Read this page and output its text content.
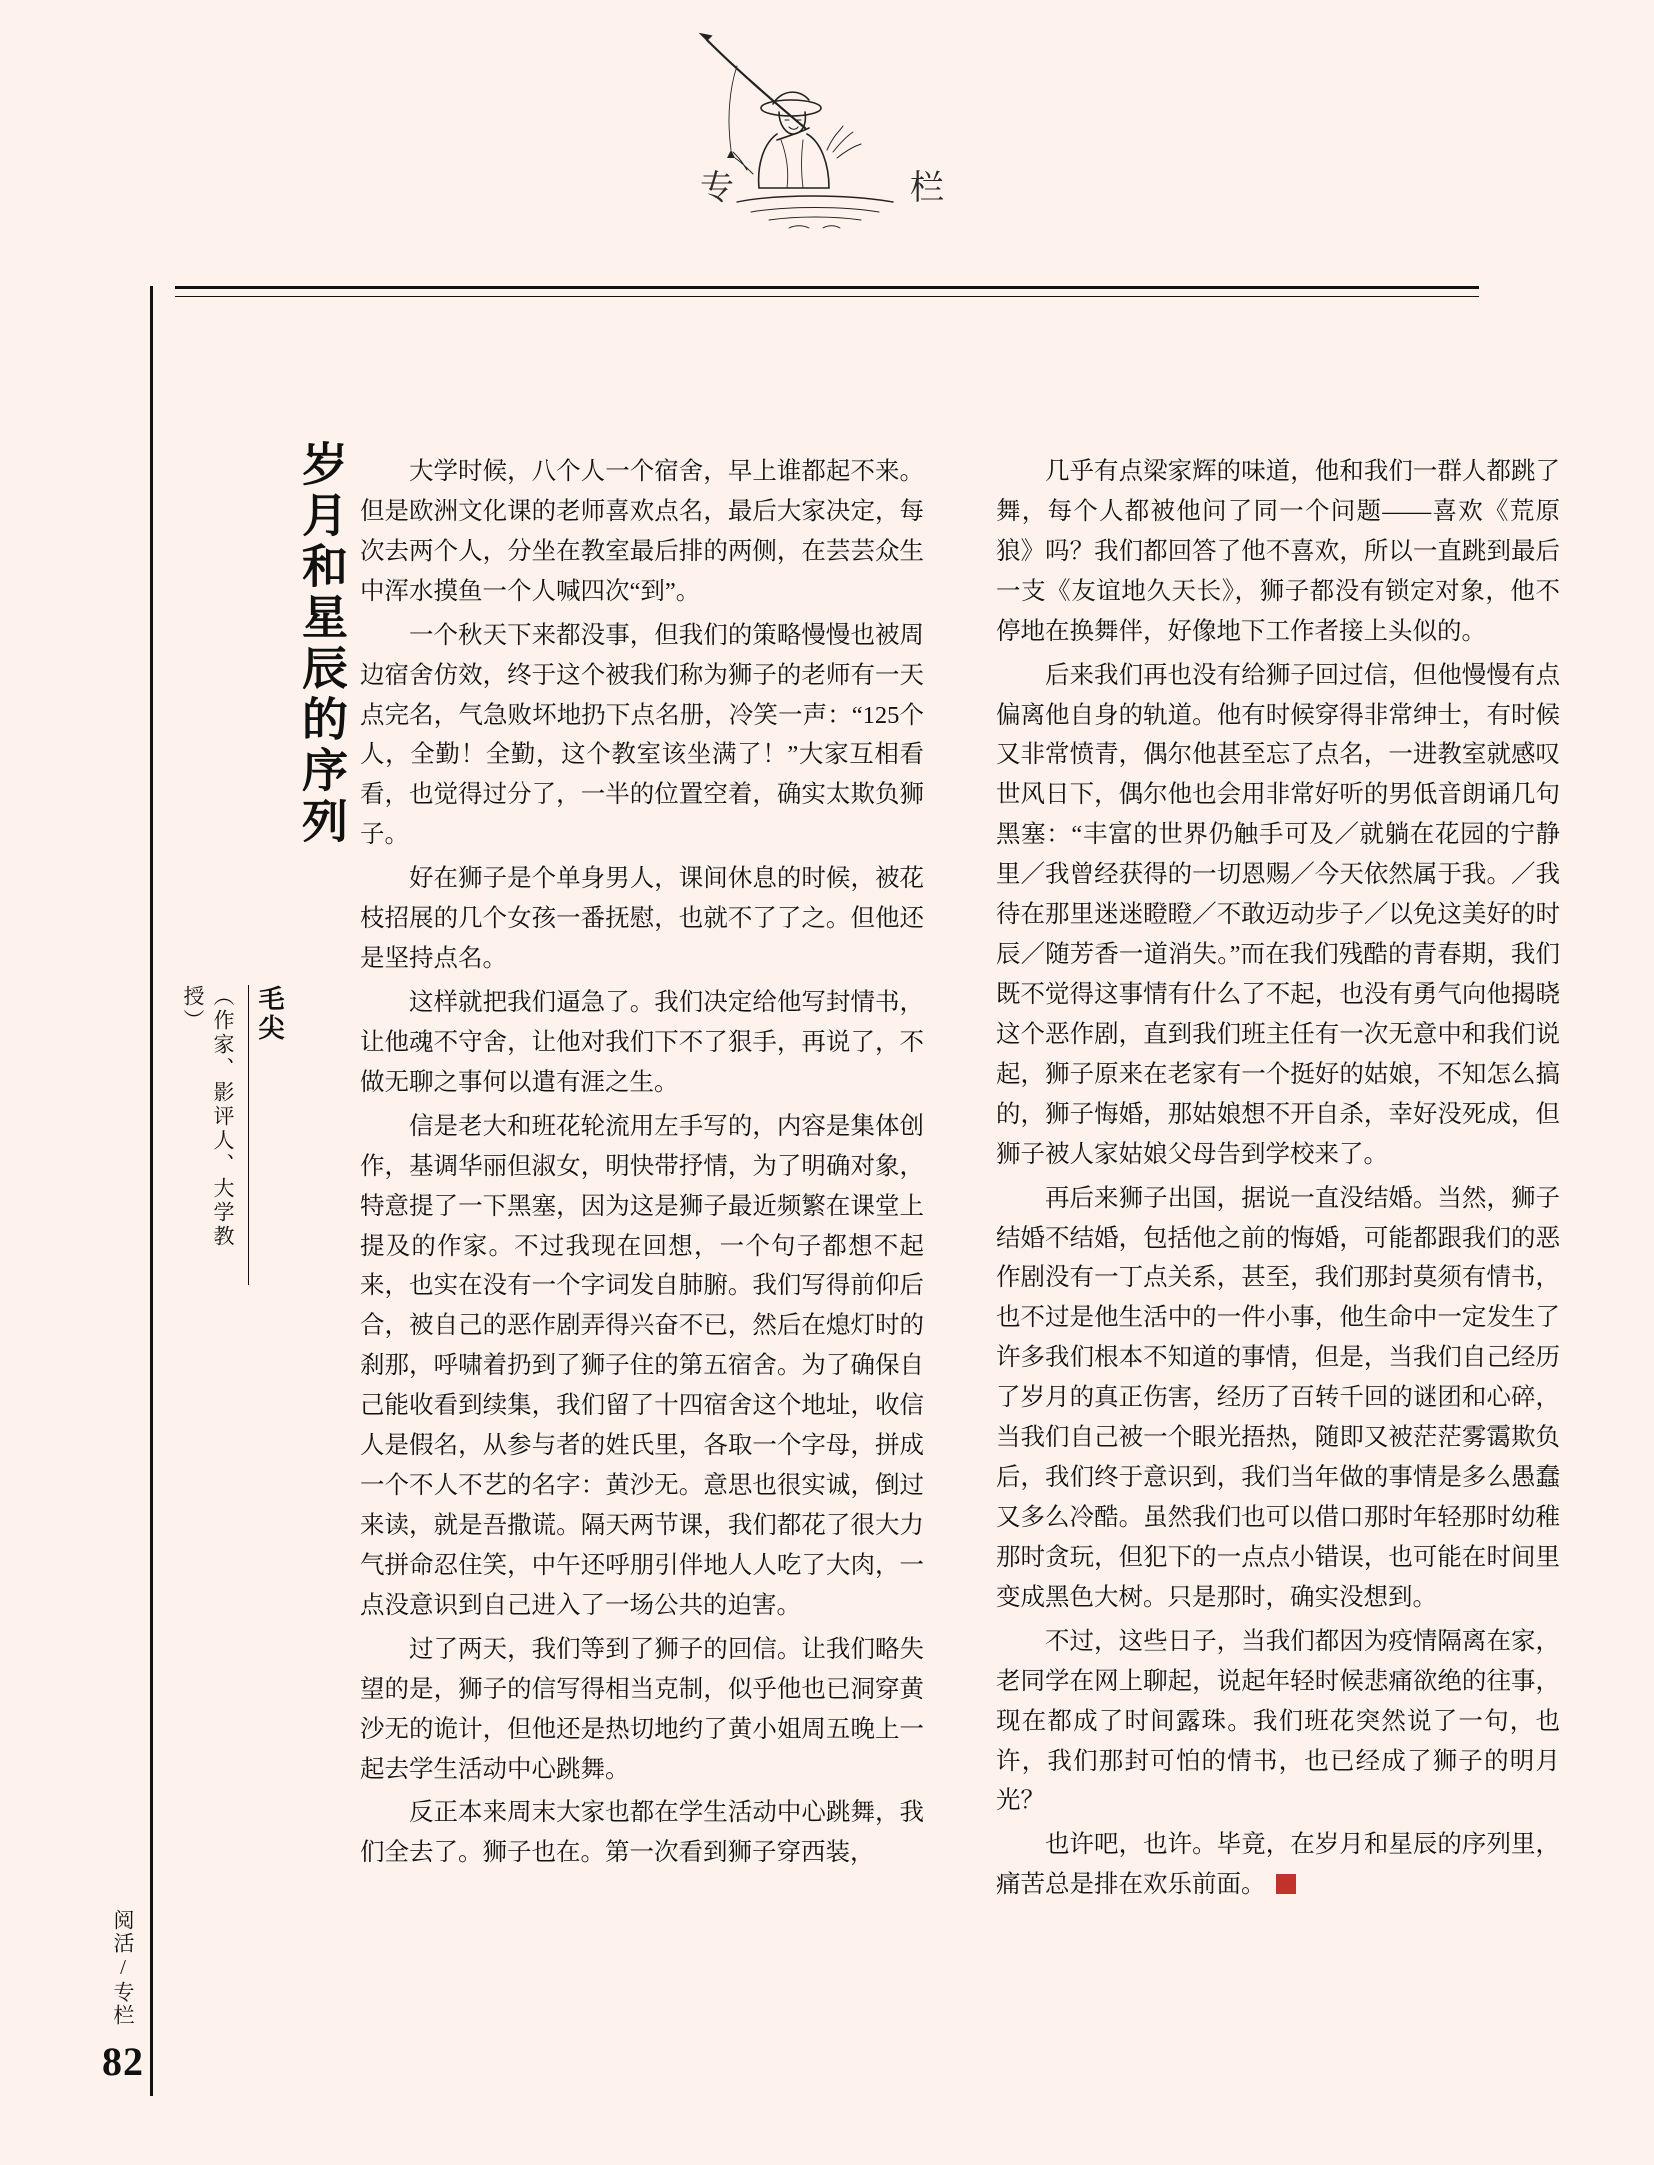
专	栏
岁月和星辰的序列
毛尖
（作家、影评人、大学教授）
阅活/专栏
82

大学时候，八个人一个宿舍，早上谁都起不来。但是欧洲文化课的老师喜欢点名，最后大家决定，每次去两个人，分坐在教室最后排的两侧，在芸芸众生中浑水摸鱼一个人喊四次“到”。

一个秋天下来都没事，但我们的策略慢慢也被周边宿舍仿效，终于这个被我们称为狮子的老师有一天点完名，气急败坏地扔下点名册，冷笑一声：“125个人，全勤！全勤，这个教室该坐满了！”大家互相看看，也觉得过分了，一半的位置空着，确实太欺负狮子。

好在狮子是个单身男人，课间休息的时候，被花枝招展的几个女孩一番抚慰，也就不了了之。但他还是坚持点名。

这样就把我们逼急了。我们决定给他写封情书，让他魂不守舍，让他对我们下不了狠手，再说了，不做无聊之事何以遣有涯之生。

信是老大和班花轮流用左手写的，内容是集体创作，基调华丽但淑女，明快带抒情，为了明确对象，特意提了一下黑塞，因为这是狮子最近频繁在课堂上提及的作家。不过我现在回想，一个句子都想不起来，也实在没有一个字词发自肺腑。我们写得前仰后合，被自己的恶作剧弄得兴奋不已，然后在熄灯时的刹那，呼啸着扔到了狮子住的第五宿舍。为了确保自己能收看到续集，我们留了十四宿舍这个地址，收信人是假名，从参与者的姓氏里，各取一个字母，拼成一个不人不艺的名字：黄沙无。意思也很实诚，倒过来读，就是吾撒谎。隔天两节课，我们都花了很大力气拼命忍住笑，中午还呼朋引伴地人人吃了大肉，一点没意识到自己进入了一场公共的迫害。

过了两天，我们等到了狮子的回信。让我们略失望的是，狮子的信写得相当克制，似乎他也已洞穿黄沙无的诡计，但他还是热切地约了黄小姐周五晚上一起去学生活动中心跳舞。

反正本来周末大家也都在学生活动中心跳舞，我们全去了。狮子也在。第一次看到狮子穿西装，

几乎有点梁家辉的味道，他和我们一群人都跳了舞，每个人都被他问了同一个问题——喜欢《荒原狼》吗？我们都回答了他不喜欢，所以一直跳到最后一支《友谊地久天长》，狮子都没有锁定对象，他不停地在换舞伴，好像地下工作者接上头似的。

后来我们再也没有给狮子回过信，但他慢慢有点偏离他自身的轨道。他有时候穿得非常绅士，有时候又非常愤青，偶尔他甚至忘了点名，一进教室就感叹世风日下，偶尔他也会用非常好听的男低音朗诵几句黑塞：“丰富的世界仍触手可及／就躺在花园的宁静里／我曾经获得的一切恩赐／今天依然属于我。／我待在那里迷迷瞪瞪／不敢迈动步子／以免这美好的时辰／随芳香一道消失。”而在我们残酷的青春期，我们既不觉得这事情有什么了不起，也没有勇气向他揭晓这个恶作剧，直到我们班主任有一次无意中和我们说起，狮子原来在老家有一个挺好的姑娘，不知怎么搞的，狮子悔婚，那姑娘想不开自杀，幸好没死成，但狮子被人家姑娘父母告到学校来了。

再后来狮子出国，据说一直没结婚。当然，狮子结婚不结婚，包括他之前的悔婚，可能都跟我们的恶作剧没有一丁点关系，甚至，我们那封莫须有情书，也不过是他生活中的一件小事，他生命中一定发生了许多我们根本不知道的事情，但是，当我们自己经历了岁月的真正伤害，经历了百转千回的谜团和心碎，当我们自己被一个眼光捂热，随即又被茫茫雾霭欺负后，我们终于意识到，我们当年做的事情是多么愚蠢又多么冷酷。虽然我们也可以借口那时年轻那时幼稚那时贪玩，但犯下的一点点小错误，也可能在时间里变成黑色大树。只是那时，确实没想到。

不过，这些日子，当我们都因为疫情隔离在家，老同学在网上聊起，说起年轻时候悲痛欲绝的往事，现在都成了时间露珠。我们班花突然说了一句，也许，我们那封可怕的情书，也已经成了狮子的明月光？

也许吧，也许。毕竟，在岁月和星辰的序列里，痛苦总是排在欢乐前面。
